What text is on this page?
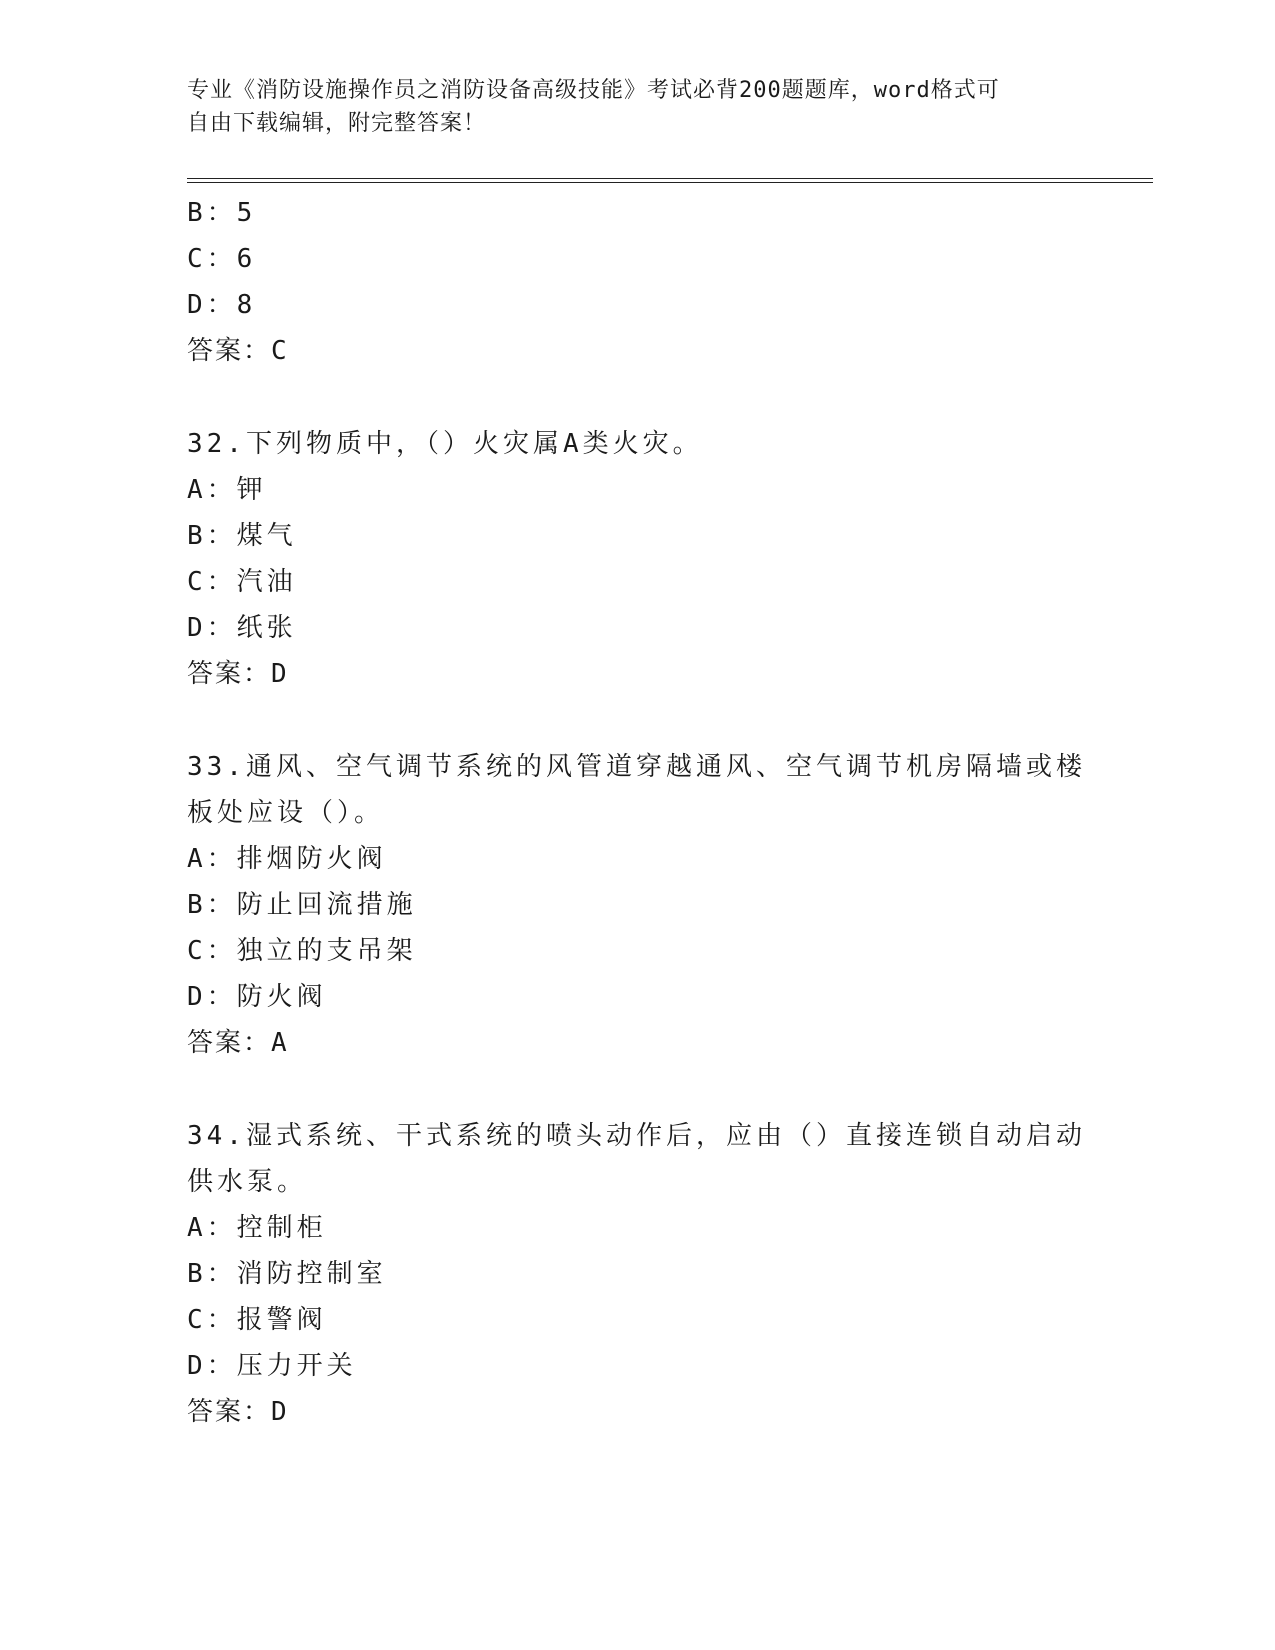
专业《消防设施操作员之消防设备高级技能》考试必背200题题库，word格式可
自由下载编辑，附完整答案！
B：5
C：6
D：8
答案：C
32.下列物质中，（）火灾属A类火灾。
A：钾
B：煤气
C：汽油
D：纸张
答案：D
33.通风、空气调节系统的风管道穿越通风、空气调节机房隔墙或楼板处应设（）。
A：排烟防火阀
B：防止回流措施
C：独立的支吊架
D：防火阀
答案：A
34.湿式系统、干式系统的喷头动作后，应由（）直接连锁自动启动供水泵。
A：控制柜
B：消防控制室
C：报警阀
D：压力开关
答案：D
